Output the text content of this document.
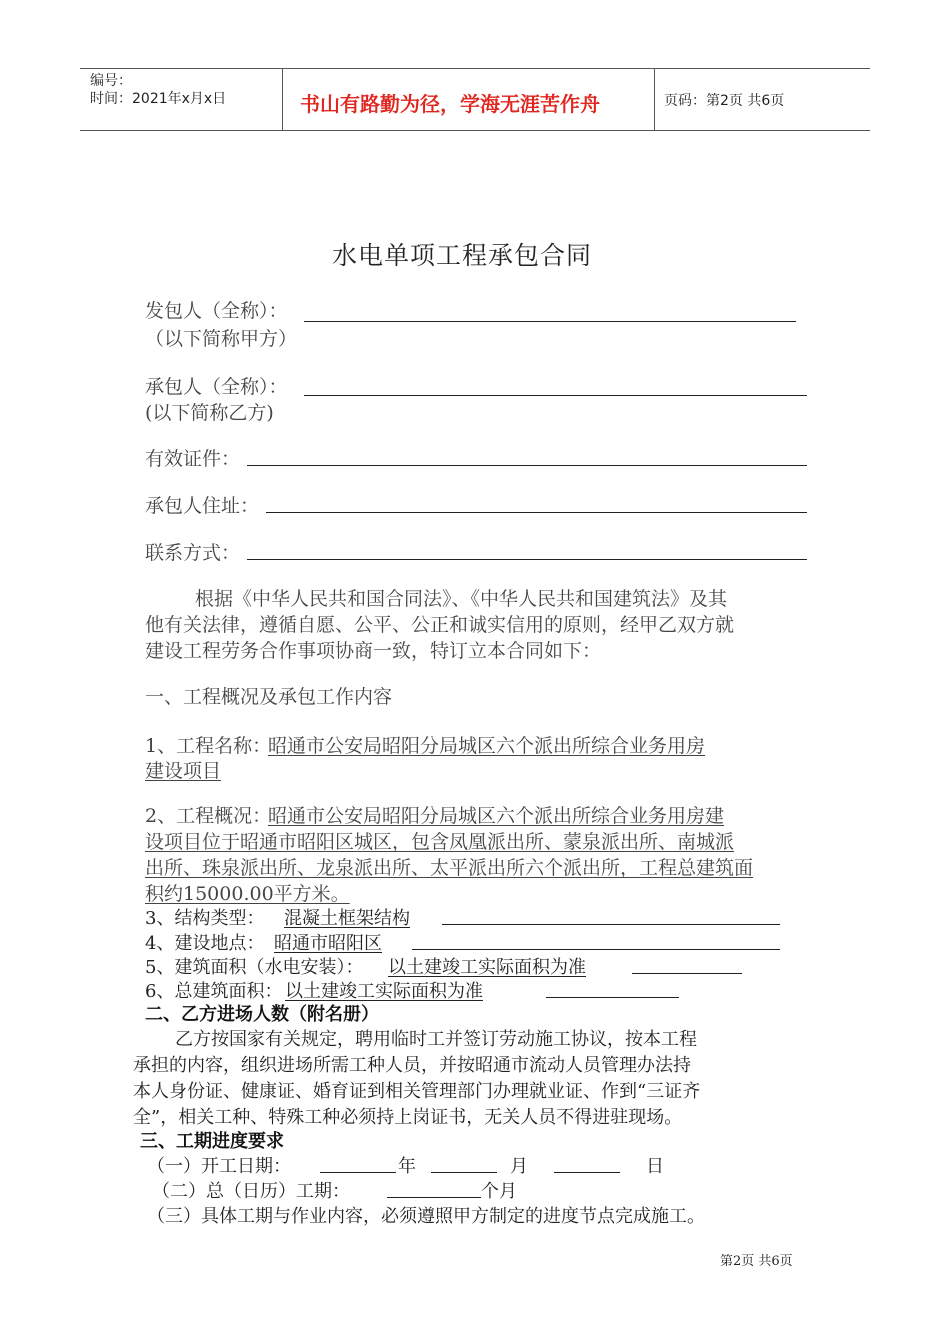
编号：
时间：2021年x月x日	书山有路勤为径，学海无涯苦作舟	页码：第2页 共6页
水电单项工程承包合同
发包人（全称）：
（以下简称甲方）
承包人（全称）：
(以下简称乙方)
有效证件：
承包人住址：
联系方式：
根据《中华人民共和国合同法》、《中华人民共和国建筑法》及其
他有关法律，遵循自愿、公平、公正和诚实信用的原则，经甲乙双方就
建设工程劳务合作事项协商一致，特订立本合同如下：
一、工程概况及承包工作内容
1、工程名称：
昭通市公安局昭阳分局城区六个派出所综合业务用房
建设项目
2、工程概况：
昭通市公安局昭阳分局城区六个派出所综合业务用房建
设项目位于昭通市昭阳区城区，包含凤凰派出所、蒙泉派出所、南城派
出所、珠泉派出所、龙泉派出所、太平派出所六个派出所，工程总建筑面
积约15000.00平方米。
3、结构类型： 混凝土框架结构
4、建设地点： 昭通市昭阳区
5、建筑面积（水电安装）： 以土建竣工实际面积为准
6、总建筑面积： 以土建竣工实际面积为准
二、乙方进场人数（附名册）
乙方按国家有关规定，聘用临时工并签订劳动施工协议，按本工程
承担的内容，组织进场所需工种人员，并按昭通市流动人员管理办法持
本人身份证、健康证、婚育证到相关管理部门办理就业证、作到“三证齐
全”，相关工种、特殊工种必须持上岗证书，无关人员不得进驻现场。
三、工期进度要求
（一）开工日期：	年	月	日
（二）总（日历）工期：	个月
（三）具体工期与作业内容，必须遵照甲方制定的进度节点完成施工。
第2页 共6页
